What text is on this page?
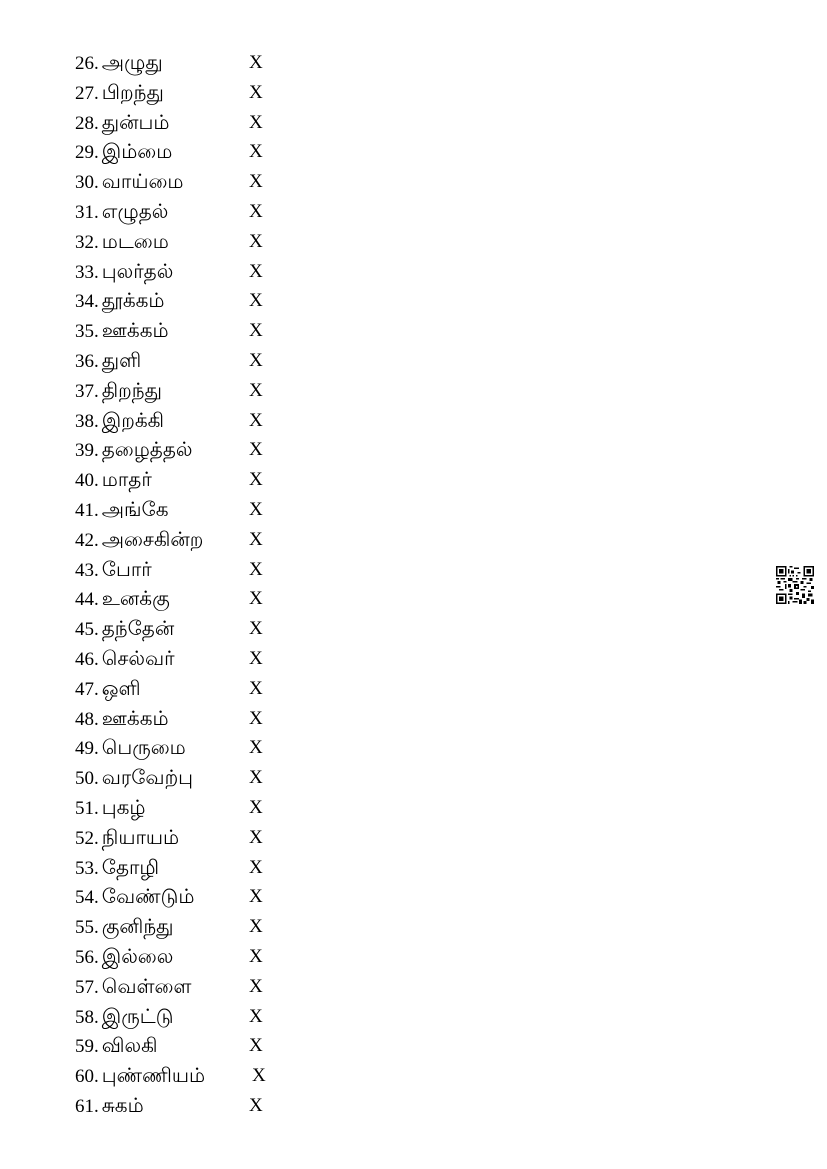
26. அழுது	X
27. பிறந்து	X
28. துன்பம்	X
29. இம்மை	X
30. வாய்மை	X
31. எழுதல்	X
32. மடமை	X
33. புலர்தல்	X
34. தூக்கம்	X
35. ஊக்கம்	X
36. துளி	X
37. திறந்து	X
38. இறக்கி	X
39. தழைத்தல்	X
40. மாதர்	X
41. அங்கே	X
42. அசைகின்ற X
43. போர்	X
44. உனக்கு	X
45. தந்தேன்	X
46. செல்வர்	X
47. ஒளி	X
48. ஊக்கம்	X
49. பெருமை	X
50. வரவேற்பு	X
51. புகழ்	X
52. நியாயம்	X
53. தோழி	X
54. வேண்டும்	X
55. குனிந்து	X
56. இல்லை	X
57. வெள்ளை	X
58. இருட்டு	X
59. விலகி	X
60. புண்ணியம் X
61. சுகம்	X
